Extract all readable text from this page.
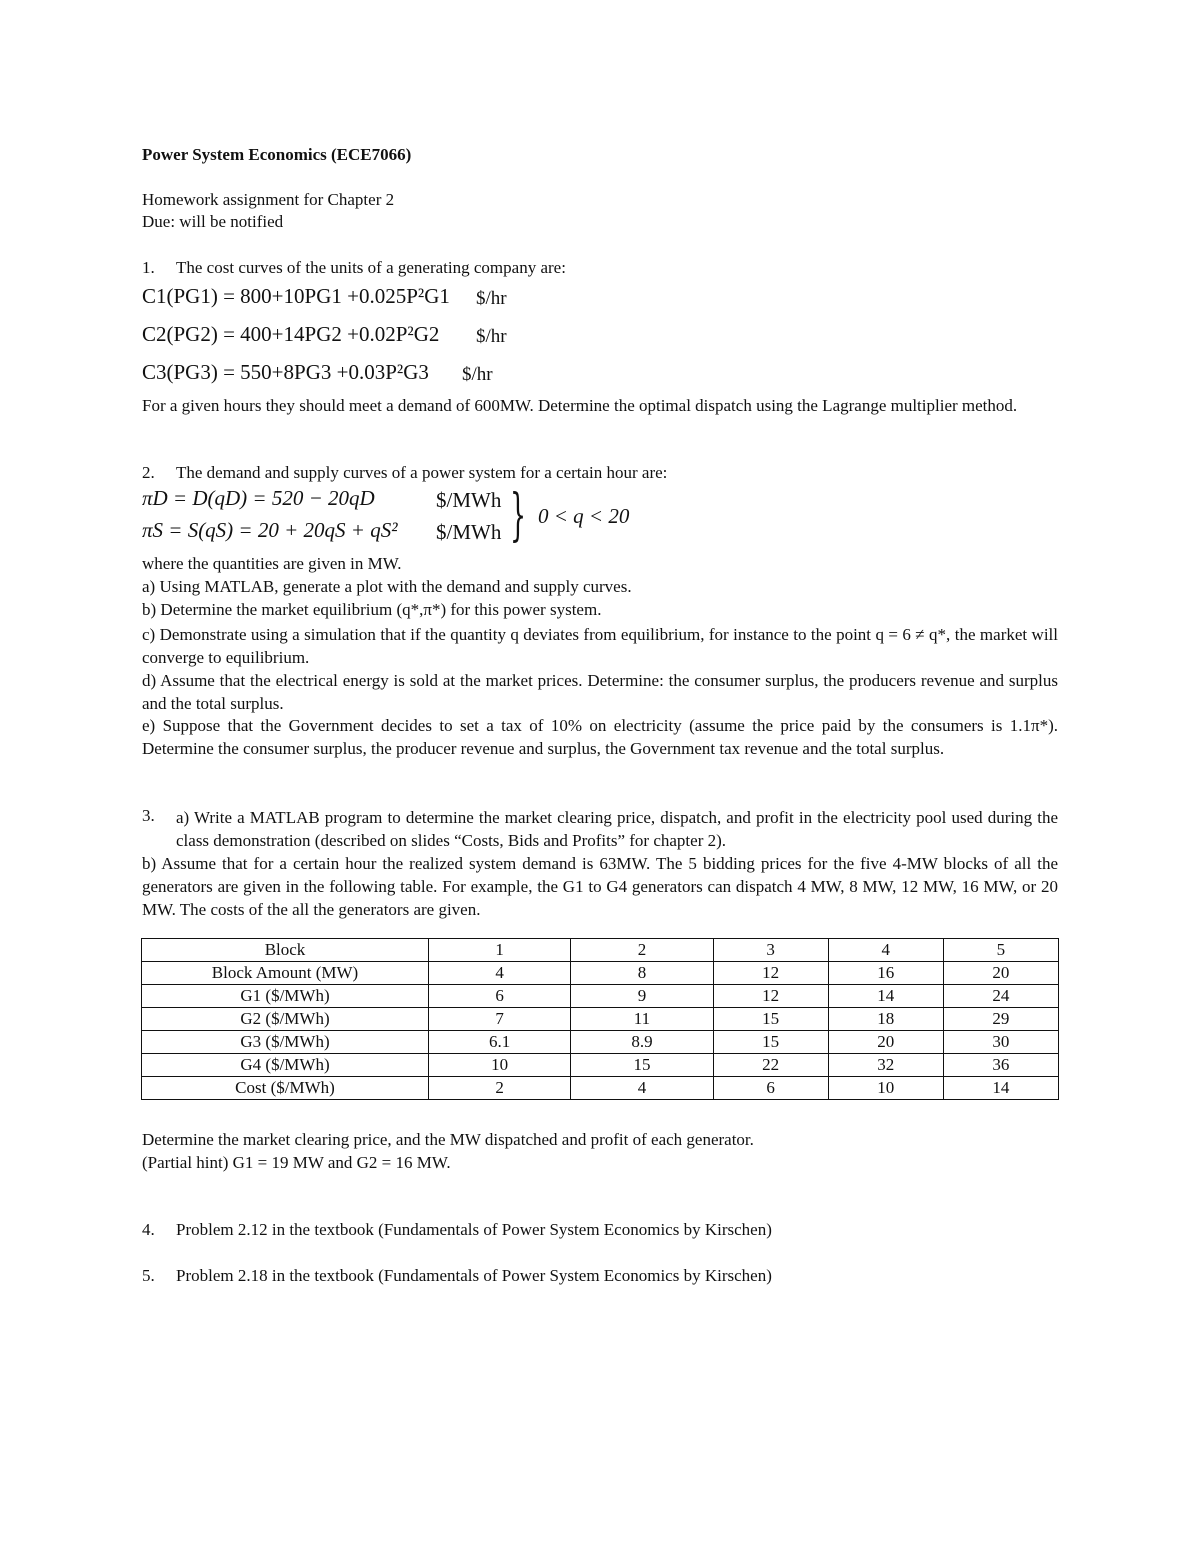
Power System Economics (ECE7066)
Homework assignment for Chapter 2
Due: will be notified
1. The cost curves of the units of a generating company are:
C1(PG1) = 800+10PG1 +0.025P²G1 $/hr
C2(PG2) = 400+14PG2 +0.02P²G2 $/hr
C3(PG3) = 550+8PG3 +0.03P²G3 $/hr
For a given hours they should meet a demand of 600MW. Determine the optimal dispatch using the Lagrange multiplier method.
2. The demand and supply curves of a power system for a certain hour are:
πD = D(qD) = 520 − 20qD	$/MWh
πS = S(qS) = 20 + 20qS + qS² $/MWh } 0 < q < 20
where the quantities are given in MW.
a) Using MATLAB, generate a plot with the demand and supply curves.
b) Determine the market equilibrium (q*,π*) for this power system.
c) Demonstrate using a simulation that if the quantity q deviates from equilibrium, for instance to the point q = 6 ≠ q*, the market will converge to equilibrium.
d) Assume that the electrical energy is sold at the market prices. Determine: the consumer surplus, the producers revenue and surplus and the total surplus.
e) Suppose that the Government decides to set a tax of 10% on electricity (assume the price paid by the consumers is 1.1π*). Determine the consumer surplus, the producer revenue and surplus, the Government tax revenue and the total surplus.
3. a) Write a MATLAB program to determine the market clearing price, dispatch, and profit in the electricity pool used during the class demonstration (described on slides “Costs, Bids and Profits” for chapter 2).
b) Assume that for a certain hour the realized system demand is 63MW. The 5 bidding prices for the five 4-MW blocks of all the generators are given in the following table. For example, the G1 to G4 generators can dispatch 4 MW, 8 MW, 12 MW, 16 MW, or 20 MW. The costs of the all the generators are given.
Block	1	2	3	4	5
Block Amount (MW)	4	8	12	16	20
G1 ($/MWh)	6	9	12	14	24
G2 ($/MWh)	7	11	15	18	29
G3 ($/MWh)	6.1	8.9	15	20	30
G4 ($/MWh)	10	15	22	32	36
Cost ($/MWh)	2	4	6	10	14
Determine the market clearing price, and the MW dispatched and profit of each generator.
(Partial hint) G1 = 19 MW and G2 = 16 MW.
4. Problem 2.12 in the textbook (Fundamentals of Power System Economics by Kirschen)
5. Problem 2.18 in the textbook (Fundamentals of Power System Economics by Kirschen)
